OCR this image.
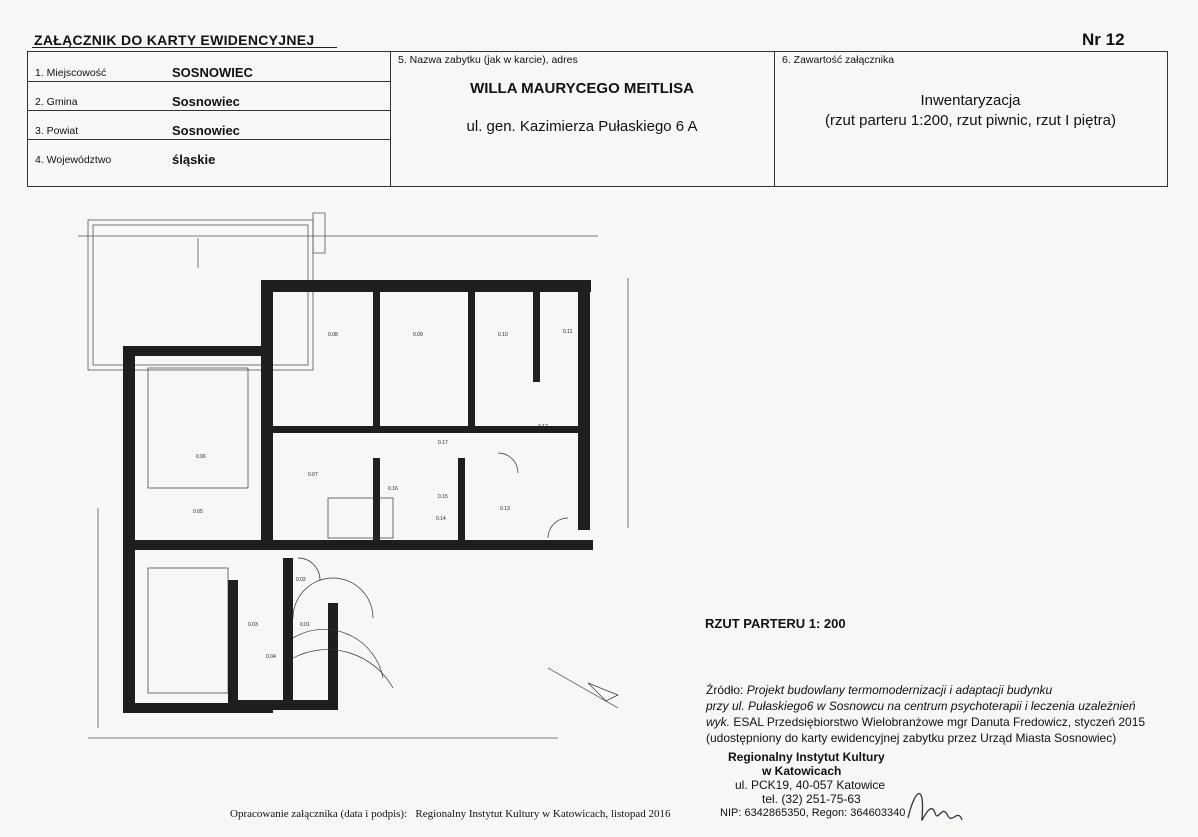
ZAŁĄCZNIK DO KARTY EWIDENCYJNEJ	Nr 12
1. Miejscowość	SOSNOWIEC
2. Gmina	Sosnowiec
3. Powiat	Sosnowiec
4. Województwo	śląskie
5. Nazwa zabytku (jak w karcie), adres
WILLA MAURYCEGO MEITLISA
ul. gen. Kazimierza Pułaskiego 6 A
6. Zawartość załącznika
Inwentaryzacja
(rzut parteru 1:200, rzut piwnic, rzut I piętra)
0.05
0.06
0.07
0.08	0.09	0.10	0.11
0.12
0.13
0.14
0.15
0.16
0.17
0.02
0.03
0.04
0.01	RZUT PARTERU 1: 200
Źródło: Projekt budowlany termomodernizacji i adaptacji budynku
przy ul. Pułaskiego6 w Sosnowcu na centrum psychoterapii i leczenia uzależnień
wyk. ESAL Przedsiębiorstwo Wielobranżowe mgr Danuta Fredowicz, styczeń 2015
(udostępniony do karty ewidencyjnej zabytku przez Urząd Miasta Sosnowiec)
Regionalny Instytut Kultury
w Katowicach
ul. PCK19, 40-057 Katowice
tel. (32) 251-75-63
NIP: 6342865350, Regon: 364603340
Opracowanie załącznika (data i podpis): Regionalny Instytut Kultury w Katowicach, listopad 2016
